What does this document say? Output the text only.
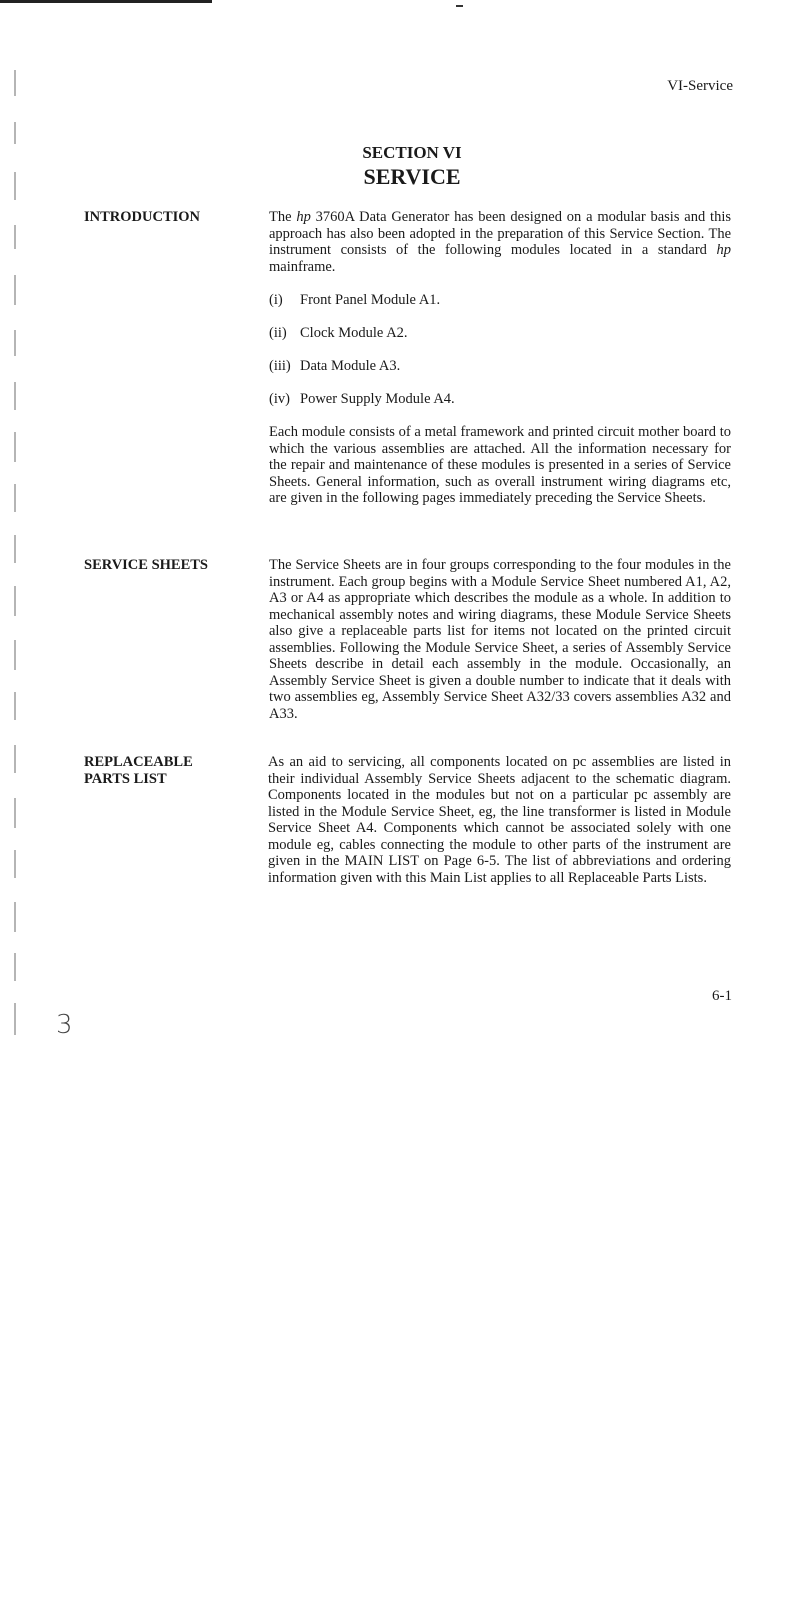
VI-Service

SECTION VI
SERVICE
INTRODUCTION	The hp 3760A Data Generator has been designed on a modular basis and this approach has also been adopted in the preparation of this Service Section. The instrument consists of the following modules located in a standard hp mainframe.

(i) Front Panel Module A1.

(ii) Clock Module A2.

(iii) Data Module A3.

(iv) Power Supply Module A4.

Each module consists of a metal framework and printed circuit mother board to which the various assemblies are attached. All the information necessary for the repair and maintenance of these modules is presented in a series of Service Sheets. General information, such as overall instrument wiring diagrams etc, are given in the following pages immediately preceding the Service Sheets.

SERVICE SHEETS	The Service Sheets are in four groups corresponding to the four modules in the instrument. Each group begins with a Module Service Sheet numbered A1, A2, A3 or A4 as appropriate which describes the module as a whole. In addition to mechanical assembly notes and wiring diagrams, these Module Service Sheets also give a replaceable parts list for items not located on the printed circuit assemblies. Following the Module Service Sheet, a series of Assembly Service Sheets describe in detail each assembly in the module. Occasionally, an Assembly Service Sheet is given a double number to indicate that it deals with two assemblies eg, Assembly Service Sheet A32/33 covers assemblies A32 and A33.

REPLACEABLE
PARTS LIST

As an aid to servicing, all components located on pc assemblies are listed in their individual Assembly Service Sheets adjacent to the schematic diagram. Components located in the modules but not on a particular pc assembly are listed in the Module Service Sheet, eg, the line transformer is listed in Module Service Sheet A4. Components which cannot be associated solely with one module eg, cables connecting the module to other parts of the instrument are given in the MAIN LIST on Page 6-5. The list of abbreviations and ordering information given with this Main List applies to all Replaceable Parts Lists.

6-1

3
